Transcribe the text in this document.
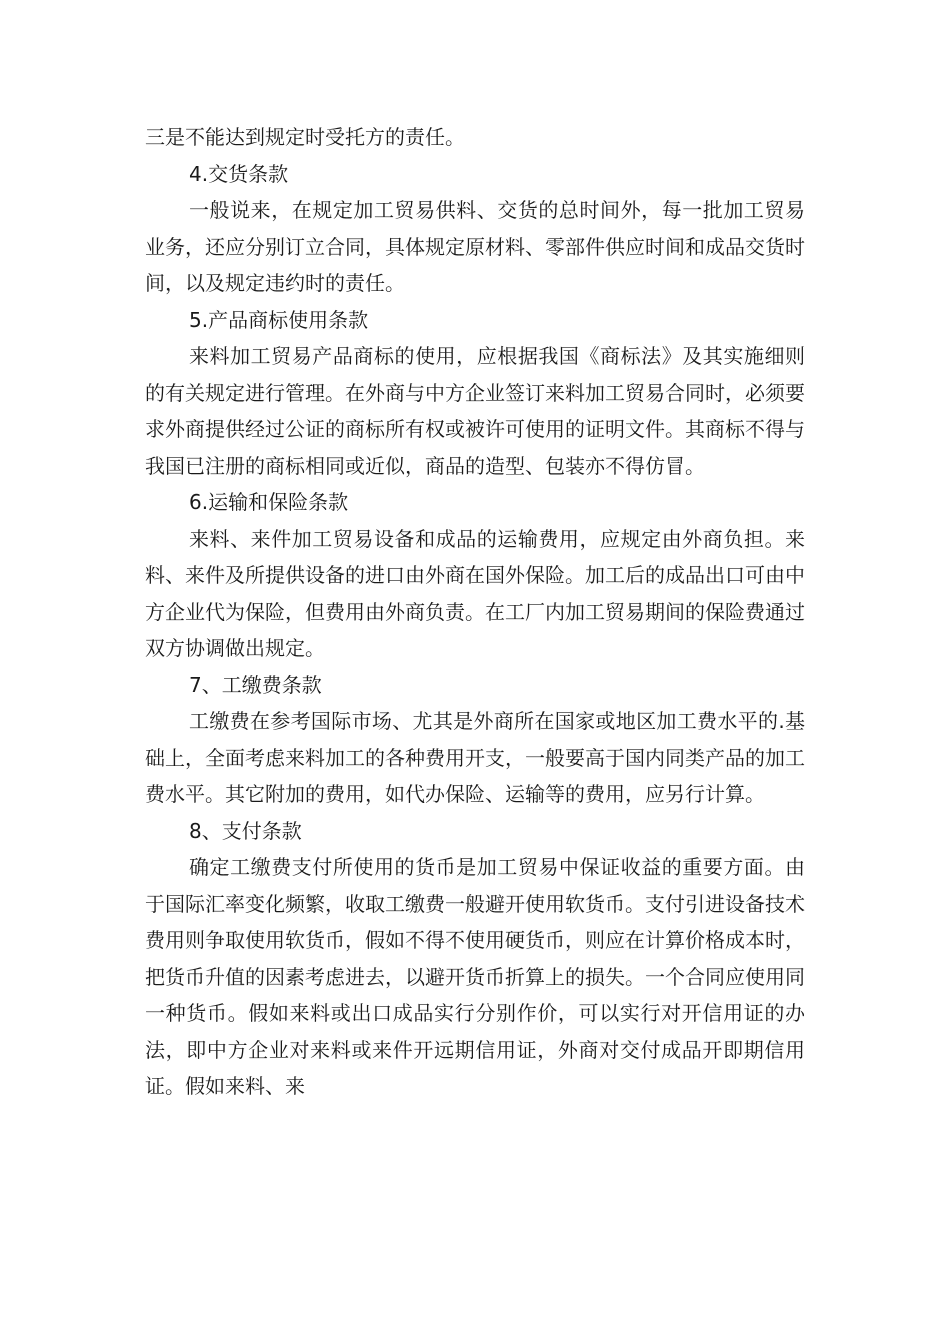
三是不能达到规定时受托方的责任。

4.交货条款

一般说来，在规定加工贸易供料、交货的总时间外，每一批加工贸易业务，还应分别订立合同，具体规定原材料、零部件供应时间和成品交货时间，以及规定违约时的责任。

5.产品商标使用条款

来料加工贸易产品商标的使用，应根据我国《商标法》及其实施细则的有关规定进行管理。在外商与中方企业签订来料加工贸易合同时，必须要求外商提供经过公证的商标所有权或被许可使用的证明文件。其商标不得与我国已注册的商标相同或近似，商品的造型、包装亦不得仿冒。

6.运输和保险条款

来料、来件加工贸易设备和成品的运输费用，应规定由外商负担。来料、来件及所提供设备的进口由外商在国外保险。加工后的成品出口可由中方企业代为保险，但费用由外商负责。在工厂内加工贸易期间的保险费通过双方协调做出规定。

7、工缴费条款

工缴费在参考国际市场、尤其是外商所在国家或地区加工费水平的.基础上，全面考虑来料加工的各种费用开支，一般要高于国内同类产品的加工费水平。其它附加的费用，如代办保险、运输等的费用，应另行计算。

8、支付条款

确定工缴费支付所使用的货币是加工贸易中保证收益的重要方面。由于国际汇率变化频繁，收取工缴费一般避开使用软货币。支付引进设备技术费用则争取使用软货币，假如不得不使用硬货币，则应在计算价格成本时，把货币升值的因素考虑进去，以避开货币折算上的损失。一个合同应使用同一种货币。假如来料或出口成品实行分别作价，可以实行对开信用证的办法，即中方企业对来料或来件开远期信用证，外商对交付成品开即期信用证。假如来料、来
